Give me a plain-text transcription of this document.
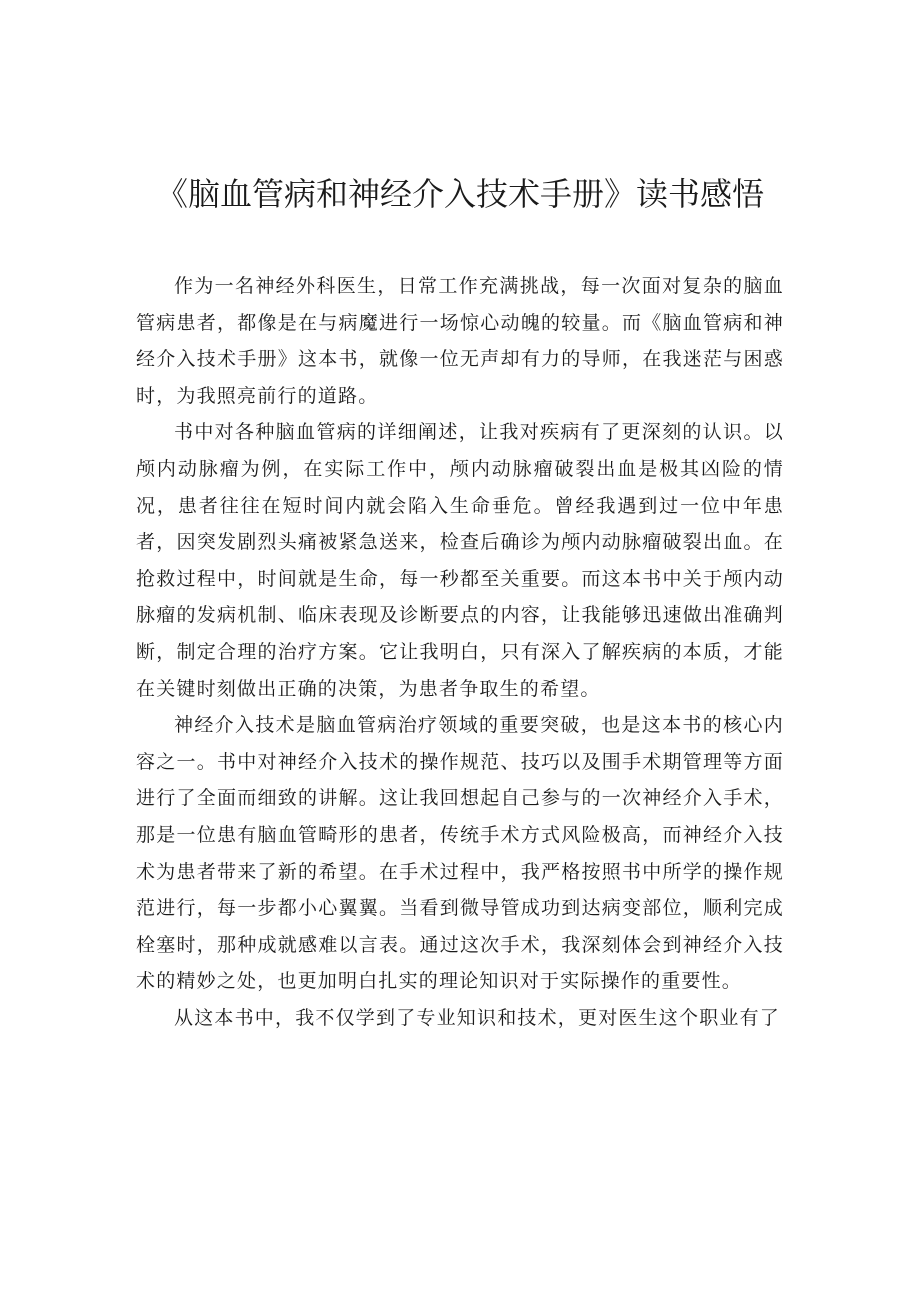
《脑血管病和神经介入技术手册》读书感悟

作为一名神经外科医生，日常工作充满挑战，每一次面对复杂的脑血管病患者，都像是在与病魔进行一场惊心动魄的较量。而《脑血管病和神经介入技术手册》这本书，就像一位无声却有力的导师，在我迷茫与困惑时，为我照亮前行的道路。

书中对各种脑血管病的详细阐述，让我对疾病有了更深刻的认识。以颅内动脉瘤为例，在实际工作中，颅内动脉瘤破裂出血是极其凶险的情况，患者往往在短时间内就会陷入生命垂危。曾经我遇到过一位中年患者，因突发剧烈头痛被紧急送来，检查后确诊为颅内动脉瘤破裂出血。在抢救过程中，时间就是生命，每一秒都至关重要。而这本书中关于颅内动脉瘤的发病机制、临床表现及诊断要点的内容，让我能够迅速做出准确判断，制定合理的治疗方案。它让我明白，只有深入了解疾病的本质，才能在关键时刻做出正确的决策，为患者争取生的希望。

神经介入技术是脑血管病治疗领域的重要突破，也是这本书的核心内容之一。书中对神经介入技术的操作规范、技巧以及围手术期管理等方面进行了全面而细致的讲解。这让我回想起自己参与的一次神经介入手术，那是一位患有脑血管畸形的患者，传统手术方式风险极高，而神经介入技术为患者带来了新的希望。在手术过程中，我严格按照书中所学的操作规范进行，每一步都小心翼翼。当看到微导管成功到达病变部位，顺利完成栓塞时，那种成就感难以言表。通过这次手术，我深刻体会到神经介入技术的精妙之处，也更加明白扎实的理论知识对于实际操作的重要性。

从这本书中，我不仅学到了专业知识和技术，更对医生这个职业有了
